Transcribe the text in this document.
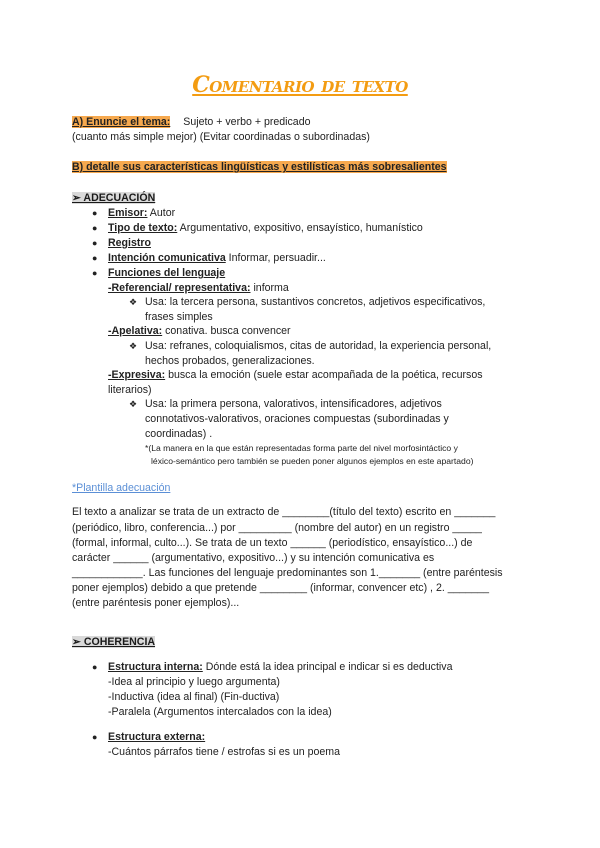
Comentario de texto
A) Enuncie el tema: Sujeto + verbo + predicado
(cuanto más simple mejor) (Evitar coordinadas o subordinadas)
B) detalle sus características lingüísticas y estilísticas más sobresalientes
➢ ADECUACIÓN
● Emisor: Autor
● Tipo de texto: Argumentativo, expositivo, ensayístico, humanístico
● Registro
● Intención comunicativa Informar, persuadir...
● Funciones del lenguaje
-Referencial/ representativa: informa
❖ Usa: la tercera persona, sustantivos concretos, adjetivos especificativos,
frases simples
-Apelativa: conativa. busca convencer
❖ Usa: refranes, coloquialismos, citas de autoridad, la experiencia personal,
hechos probados, generalizaciones.
-Expresiva: busca la emoción (suele estar acompañada de la poética, recursos
literarios)
❖ Usa: la primera persona, valorativos, intensificadores, adjetivos
connotativos-valorativos, oraciones compuestas (subordinadas y
coordinadas) .
*(La manera en la que están representadas forma parte del nivel morfosintáctico y
léxico-semántico pero también se pueden poner algunos ejemplos en este apartado)
*Plantilla adecuación
El texto a analizar se trata de un extracto de ________(título del texto) escrito en _______
(periódico, libro, conferencia...) por _________ (nombre del autor) en un registro _____
(formal, informal, culto...). Se trata de un texto ______ (periodístico, ensayístico...) de
carácter ______ (argumentativo, expositivo...) y su intención comunicativa es
____________. Las funciones del lenguaje predominantes son 1._______ (entre paréntesis
poner ejemplos) debido a que pretende ________ (informar, convencer etc) , 2. _______
(entre paréntesis poner ejemplos)...
➢ COHERENCIA
● Estructura interna: Dónde está la idea principal e indicar si es deductiva
-Idea al principio y luego argumenta)
-Inductiva (idea al final) (Fin-ductiva)
-Paralela (Argumentos intercalados con la idea)
● Estructura externa:
-Cuántos párrafos tiene / estrofas si es un poema
